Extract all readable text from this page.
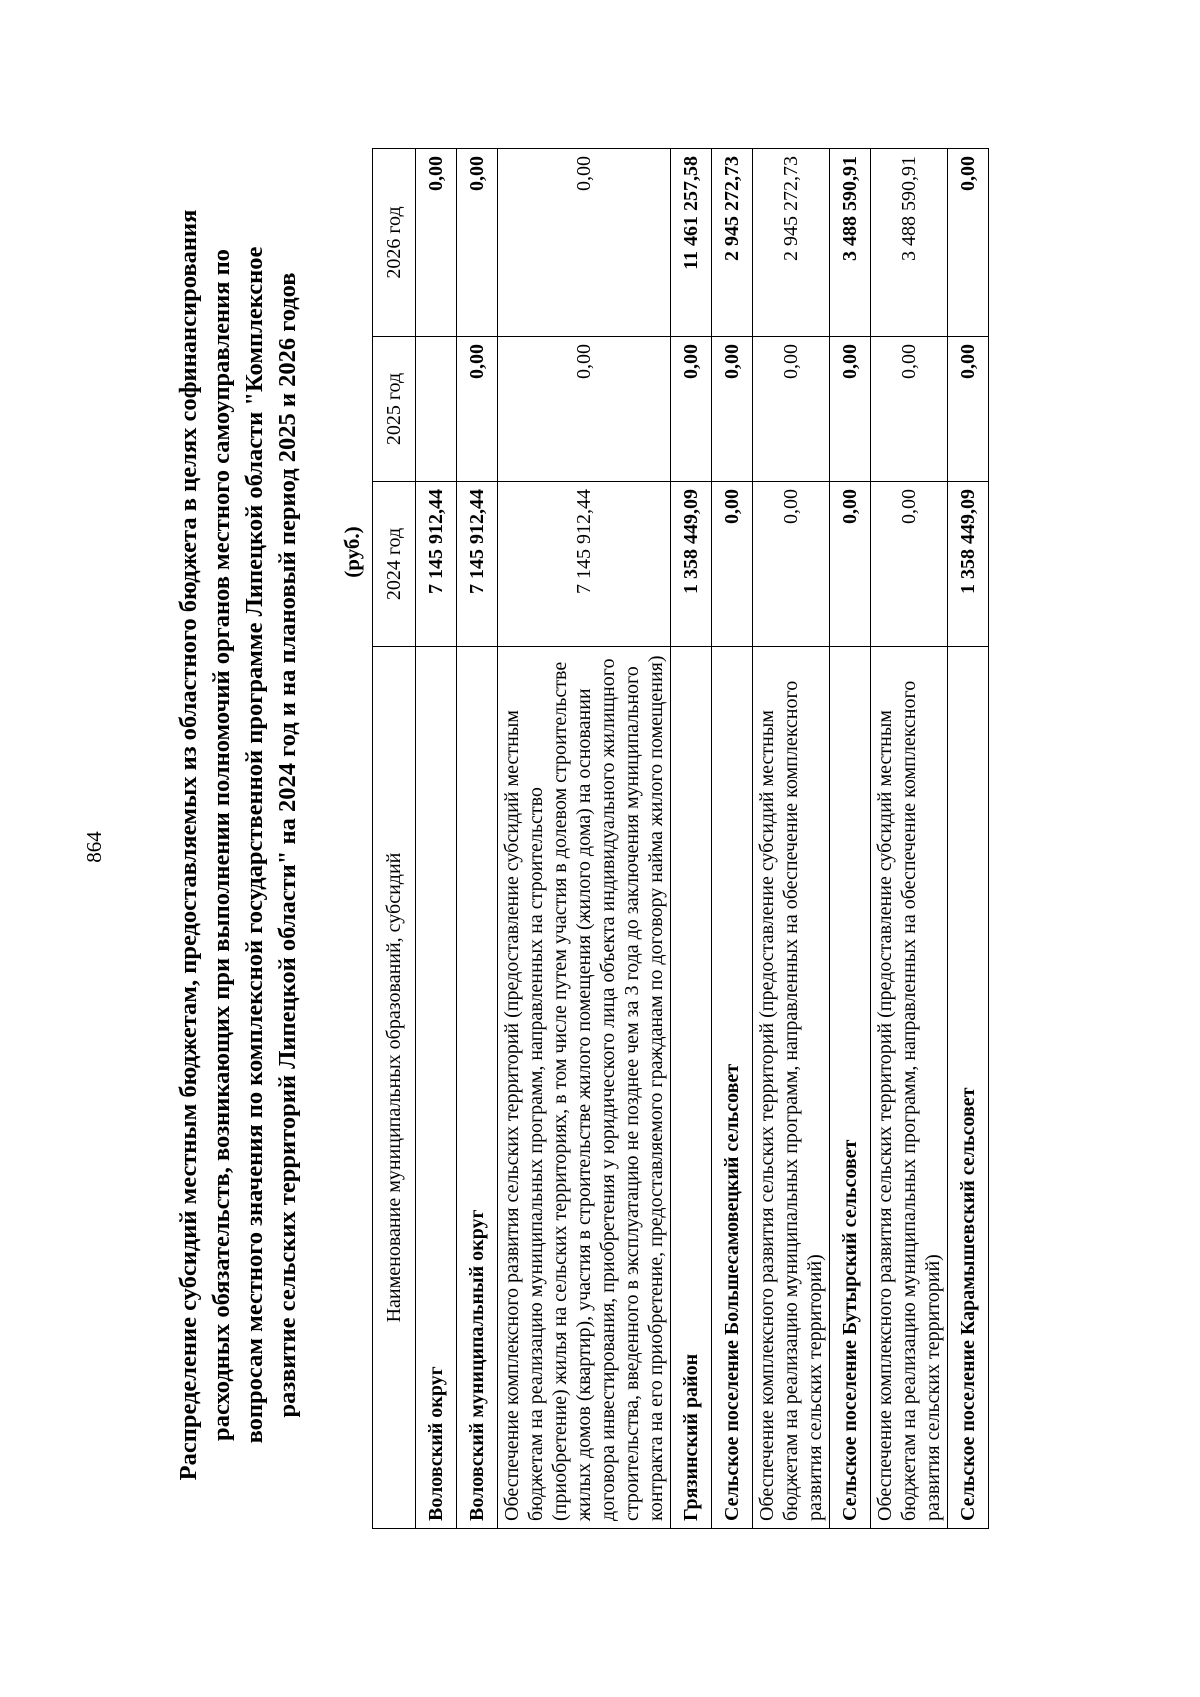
864	Распределение субсидий местным бюджетам, предоставляемых из областного бюджета в целях софинансирования расходных обязательств, возникающих при выполнении полномочий органов местного самоуправления по вопросам местного значения по комплексной государственной программе Липецкой области "Комплексное развитие сельских территорий Липецкой области" на 2024 год и на плановый период 2025 и 2026 годов (руб.)
Наименование муниципальных образований, субсидий	2024 год	2025 год	2026 год
Воловский округ	7 145 912,44		0,00
Воловский муниципальный округ	7 145 912,44	0,00	0,00
Обеспечение комплексного развития сельских территорий (предоставление субсидий местным бюджетам на реализацию муниципальных программ, направленных на строительство (приобретение) жилья на сельских территориях, в том числе путем участия в долевом строительстве жилых домов (квартир), участия в строительстве жилого помещения (жилого дома) на основании договора инвестирования, приобретения у юридического лица объекта индивидуального жилищного строительства, введенного в эксплуатацию не позднее чем за 3 года до заключения муниципального контракта на его приобретение, предоставляемого гражданам по договору найма жилого помещения)	7 145 912,44	0,00	0,00
Грязинский район	1 358 449,09	0,00	11 461 257,58
Сельское поселение Большесамовецкий сельсовет	0,00	0,00	2 945 272,73
Обеспечение комплексного развития сельских территорий (предоставление субсидий местным бюджетам на реализацию муниципальных программ, направленных на обеспечение комплексного развития сельских территорий)	0,00	0,00	2 945 272,73
Сельское поселение Бутырский сельсовет	0,00	0,00	3 488 590,91
Обеспечение комплексного развития сельских территорий (предоставление субсидий местным бюджетам на реализацию муниципальных программ, направленных на обеспечение комплексного развития сельских территорий)	0,00	0,00	3 488 590,91
Сельское поселение Карамышевский сельсовет	1 358 449,09	0,00	0,00
